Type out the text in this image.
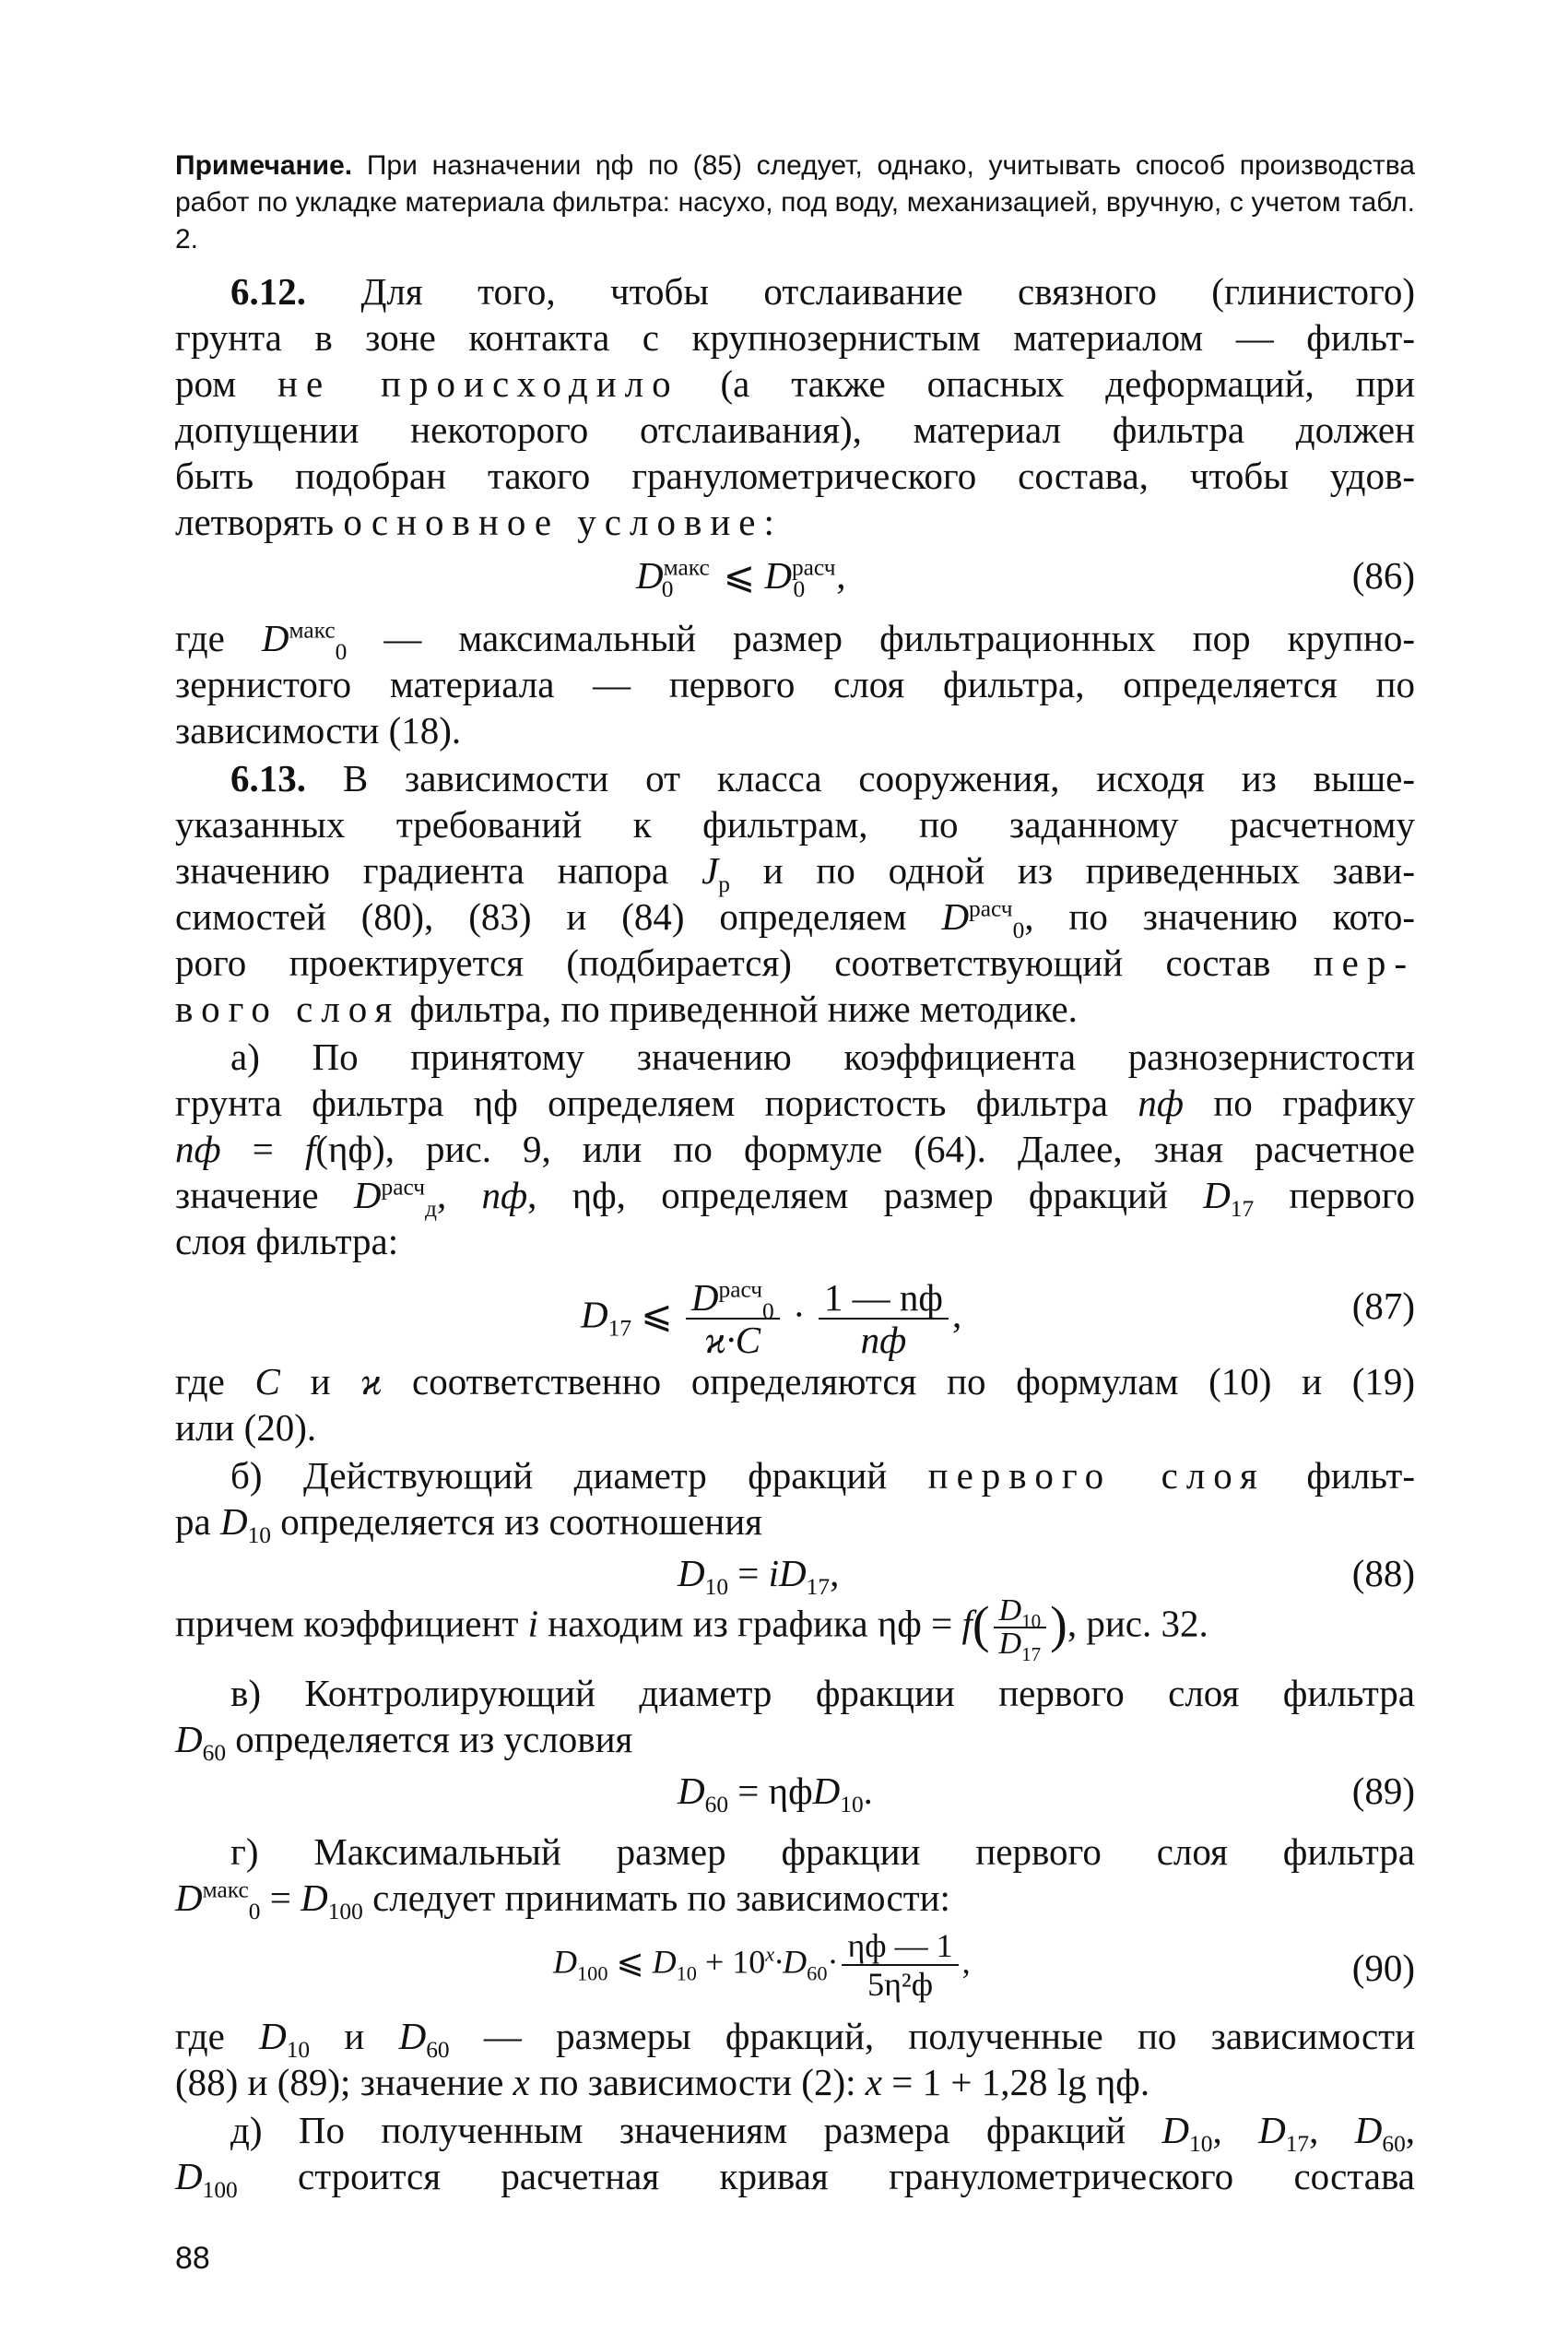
Примечание. При назначении ηф по (85) следует, однако, учитывать способ производства работ по укладке материала фильтра: насухо, под воду, механизацией, вручную, с учетом табл. 2.
6.12. Для того, чтобы отслаивание связного (глинистого)
грунта в зоне контакта с крупнозернистым материалом — фильт-
ром не происходило (а также опасных деформаций, при
допущении некоторого отслаивания), материал фильтра должен
быть подобран такого гранулометрического состава, чтобы удов-
летворять основное условие:
$D^{макс}_0$ ⩽ $D^{расч}_0$ ,	(86)
где $D^{макс}_0$ — максимальный размер фильтрационных пор крупно-
зернистого материала — первого слоя фильтра, определяется по
зависимости (18).
6.13. В зависимости от класса сооружения, исходя из выше-
указанных требований к фильтрам, по заданному расчетному
значению градиента напора $J_р$ и по одной из приведенных зави-
симостей (80), (83) и (84) определяем $D^{расч}_0$, по значению кото-
рого проектируется (подбирается) соответствующий состав пер-
вого слоя фильтра, по приведенной ниже методике.
а) По принятому значению коэффициента разнозернистости
грунта фильтра ηф определяем пористость фильтра nф по графику
nф = f(ηф), рис. 9, или по формуле (64). Далее, зная расчетное
значение $D^{расч}_д$, nф, ηф, определяем размер фракций $D_{17}$ первого
слоя фильтра:
$D_{17}$ ⩽ $\frac{D^{расч}_0}{ϰ\cdot C} \cdot \frac{1 — nф}{nф}$ ,	(87)
где C и ϰ соответственно определяются по формулам (10) и (19)
или (20).
б) Действующий диаметр фракций первого слоя фильт-
ра $D_{10}$ определяется из соотношения
$D_{10} = iD_{17}$,	(88)
причем коэффициент i находим из графика $\eta ф = f( \frac{D_{10}}{D_{17}}$ ), рис. 32.
в) Контролирующий диаметр фракции первого слоя фильтра
$D_{60}$ определяется из условия
$D_{60} = \eta фD_{10}$.	(89)
г) Максимальный размер фракции первого слоя фильтра
$D^{макс}_0 = D_{100}$ следует принимать по зависимости:
$D_{100}$ ⩽ $D_{10} + 10^x\cdot D_{60}\cdot \frac{\eta ф — 1}{\text{5η²ф}}$ ,	(90)
где $D_{10}$ и $D_{60}$ — размеры фракций, полученные по зависимости
(88) и (89); значение x по зависимости (2): x = 1 + 1,28 lg ηф.
д) По полученным значениям размера фракций $D_{10}$, $D_{17}$, $D_{60}$,
$D_{100}$ строится расчетная кривая гранулометрического состава
88
